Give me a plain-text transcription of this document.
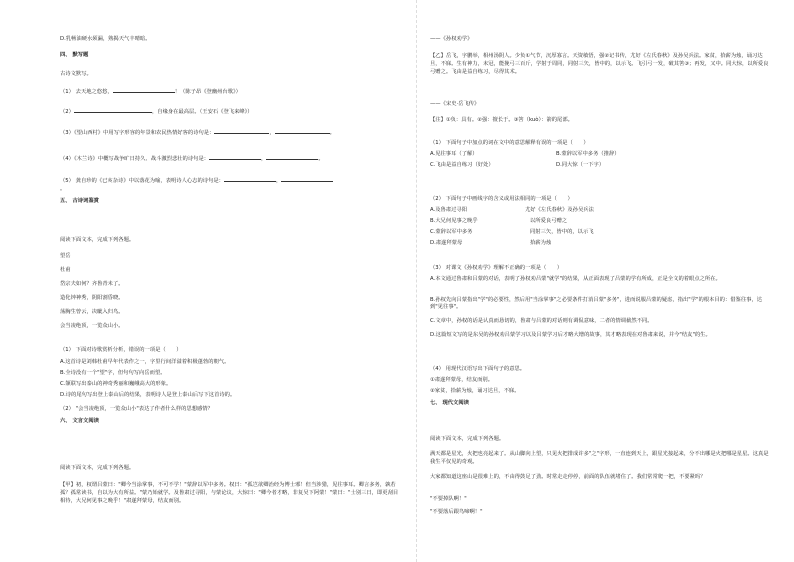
D.乳畅油硬水须漏，熟揭天气丰晴暗。
四、 默写题
古诗文默写。
（1） 去天地之悠悠，	！（陈子昂《登幽州台歌》）
（2）	，自缘身在最高层。（王安石《登飞来峰》）
（3）《望山西村》中用写字形容的年景和农民热情好客的诗句是：	，	。
（4）《木兰诗》中概写战争旷日持久、战斗激烈悲壮的诗句是：	，	。
（5） 龚自珍的《已亥杂诗》中以落花为喻，表明诗人心志的诗句是：	，
。
五、 古诗词鉴赏
阅读下面文本，完成下列各题。
望岳
杜甫
岱宗夫如何？齐鲁青未了。
造化钟神秀，阴阳割昏晓。
荡胸生曾云，决眦入归鸟。
会当凌绝顶，一览众山小。
（1） 下面对诗歌赏析分析，错误的一项是（　　）
A.这首诗是刘韩杜甫早年代表作之一，字里行间洋溢着积极蓬勃的朝气。
B.全诗没有一个"望"字，但句句写向岳而望。
C.颔联写出泰山的神奇秀丽和巍峨高大的形象。
D.诗的尾句写出登上泰山后的结果，表明诗人是登上泰山后写下这首诗的。
（2） "会当凌绝顶，一览众山小"表达了作者什么样的思想感情？
六、 文言文阅读
阅读下面文本，完成下列各题。
【甲】初，权谓吕蒙曰："卿今当涂掌事，不可不学！"蒙辞以军中多务。权曰："孤岂欲卿治经为博士邪！但当涉猎，见往事耳。卿言多务，孰若孤？孤常读书，自以为大有所益。"蒙乃始就学。及鲁肃过寻阳，与蒙论议，大惊曰："卿今者才略，非复吴下阿蒙！"蒙曰："士别三日，即更刮目相待，大兄何见事之晚乎！"肃遂拜蒙母，结友而别。
——《孙权劝学》
【乙】岳飞，字鹏举，相州汤阴人。少负①气节，沉厚寡言。天资敏悟，强②记书传，尤好《左氏春秋》及孙吴兵法。家贫，拾薪为烛，诵习达旦，不寐。生有神力，未冠，能挽弓三百斤，学射于周同，同射三矢，皆中的，以示飞。飞引弓一发，破其筈③；再发，又中。同大惊，以所爱良弓赠之。飞由是益自练习，尽得其术。
——《宋史·岳飞传》
【注】①负：具有。②强：擅长于。③筈（kuò）：箭的尾部。
（1） 下面句子中加点的词在文中的意思解释有误的一项是（　　）
A.见往事耳（了解）	B.蒙辞以军中多务（推辞）
C.飞由是益自练习（好处）	D.同大惊（一下字）
（2） 下面句子中画线字的含义或用法相同的一项是（　　）
A.及鲁肃过寻阳	尤好《左氏春秋》及孙吴兵法
B.大兄何见事之晚乎	以所爱良弓赠之
C.蒙辞以军中多务	同射三矢，皆中的，以示飞
D.肃遂拜蒙母	拾薪为烛
（3） 对课文《孙权劝学》理解不正确的一项是（　　）
A.本文通过鲁肃和吕蒙的对话，表明了孙权劝吕蒙"就学"的结果，从正面表现了吕蒙的学有所成，正是全文的着眼点之所在。
B.孙权先向吕蒙指出"学"的必要性，然后用"当涂掌事"之必要条件打消吕蒙"多务"，进而说服吕蒙的疑虑，指出"学"的根本目的：借鉴往事，达到"见往事"。
C.文章中，孙权的话是认真而恳切的，鲁肃与吕蒙的对话则有调侃意味，二者的情调截然不同。
D.这篇短文写的是东吴的孙权劝吕蒙学习以及吕蒙学习后才略大增的故事，其才略表现在对鲁肃来说，并今"结友"的生。
（4） 用现代汉语写出下面句子的意思。
①肃遂拜蒙母，结友而别。
②家贫，拾薪为烛，诵习达旦，不寐。
七、 现代文阅读
阅读下面文本，完成下列各题。
满天都是星光，火把也亮起来了。从山脚向上望，只见火把排成许多"之"字形，一直连到天上，跟星光接起来，分不出哪是火把哪是星星。这真是我生平仅见的奇观。
大家都知道这座山是很难上的，不由得鼓足了劲。时常走走停停，前面的队伍就堵住了。我们常常爬一把，不要紧吗？
"不要掉队啊！"
"不要落后跟鸟啼啊！"
